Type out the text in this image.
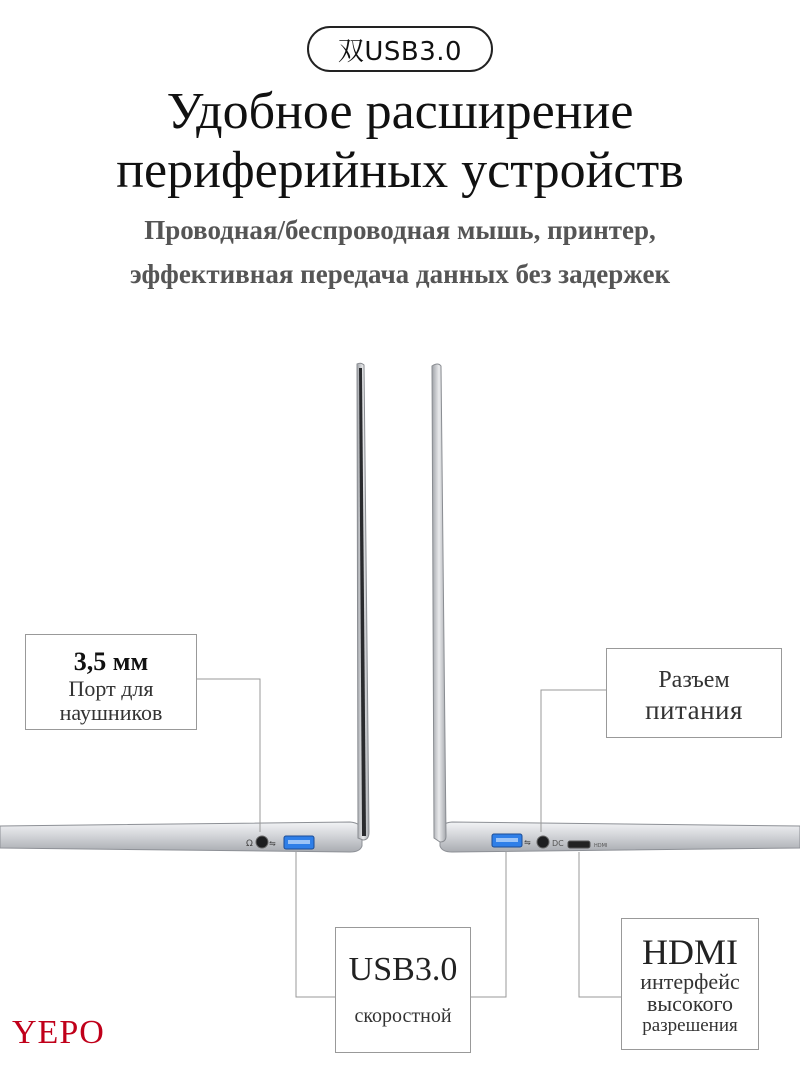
双USB3.0
Удобное расширение
периферийных устройств
Проводная/беспроводная мышь, принтер,
эффективная передача данных без задержек
Ω ⇋	⇋	DC	HDMI
3,5 мм
Порт для
наушников
Разъем
питания
USB3.0
скоростной
HDMI
интерфейс
высокого
разрешения
YEPO
